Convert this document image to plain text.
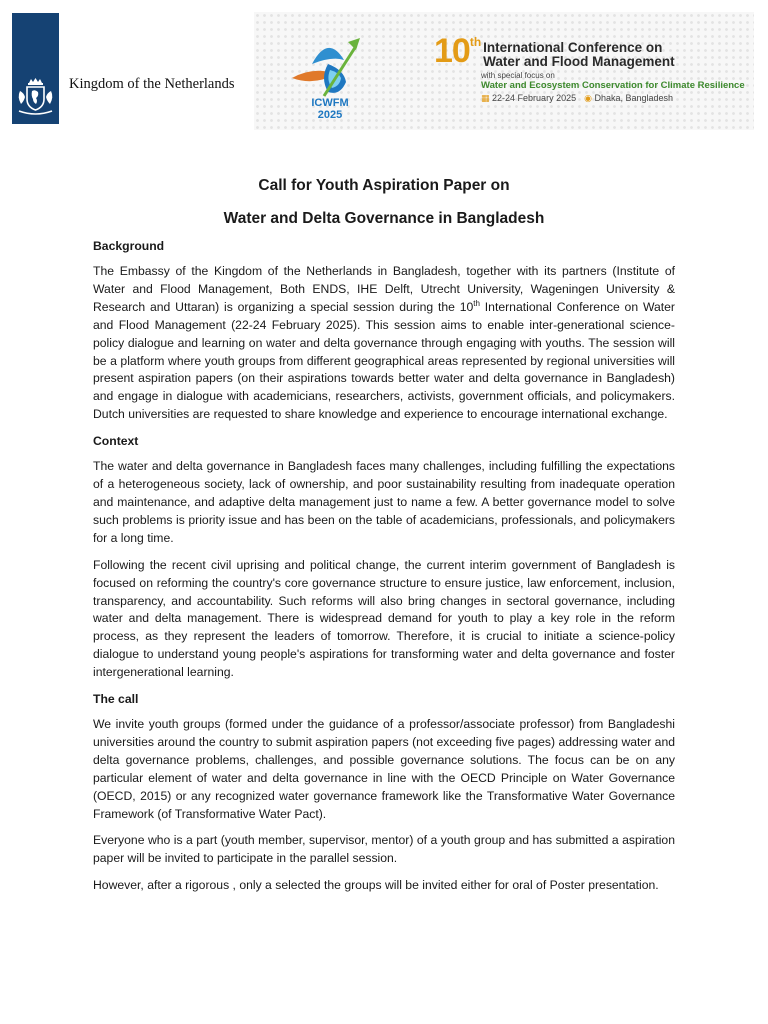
Kingdom of the Netherlands
ICWFM
2025
10 th International Conference on
Water and Flood Management
with special focus on
Water and Ecosystem Conservation for Climate Resilience
▦ 22-24 February 2025 ◉ Dhaka, Bangladesh
Call for Youth Aspiration Paper on
Water and Delta Governance in Bangladesh
Background

The Embassy of the Kingdom of the Netherlands in Bangladesh, together with its partners (Institute of Water and Flood Management, Both ENDS, IHE Delft, Utrecht University, Wageningen University & Research and Uttaran) is organizing a special session during the 10th International Conference on Water and Flood Management (22-24 February 2025). This session aims to enable inter-generational science-policy dialogue and learning on water and delta governance through engaging with youths. The session will be a platform where youth groups from different geographical areas represented by regional universities will present aspiration papers (on their aspirations towards better water and delta governance in Bangladesh) and engage in dialogue with academicians, researchers, activists, government officials, and policymakers. Dutch universities are requested to share knowledge and experience to encourage international exchange.

Context

The water and delta governance in Bangladesh faces many challenges, including fulfilling the expectations of a heterogeneous society, lack of ownership, and poor sustainability resulting from inadequate operation and maintenance, and adaptive delta management just to name a few. A better governance model to solve such problems is priority issue and has been on the table of academicians, professionals, and policymakers for a long time.

Following the recent civil uprising and political change, the current interim government of Bangladesh is focused on reforming the country's core governance structure to ensure justice, law enforcement, inclusion, transparency, and accountability. Such reforms will also bring changes in sectoral governance, including water and delta management. There is widespread demand for youth to play a key role in the reform process, as they represent the leaders of tomorrow. Therefore, it is crucial to initiate a science-policy dialogue to understand young people's aspirations for transforming water and delta governance and foster intergenerational learning.

The call

We invite youth groups (formed under the guidance of a professor/associate professor) from Bangladeshi universities around the country to submit aspiration papers (not exceeding five pages) addressing water and delta governance problems, challenges, and possible governance solutions. The focus can be on any particular element of water and delta governance in line with the OECD Principle on Water Governance (OECD, 2015) or any recognized water governance framework like the Transformative Water Governance Framework (of Transformative Water Pact).

Everyone who is a part (youth member, supervisor, mentor) of a youth group and has submitted a aspiration paper will be invited to participate in the parallel session.

However, after a rigorous , only a selected the groups will be invited either for oral of Poster presentation.
